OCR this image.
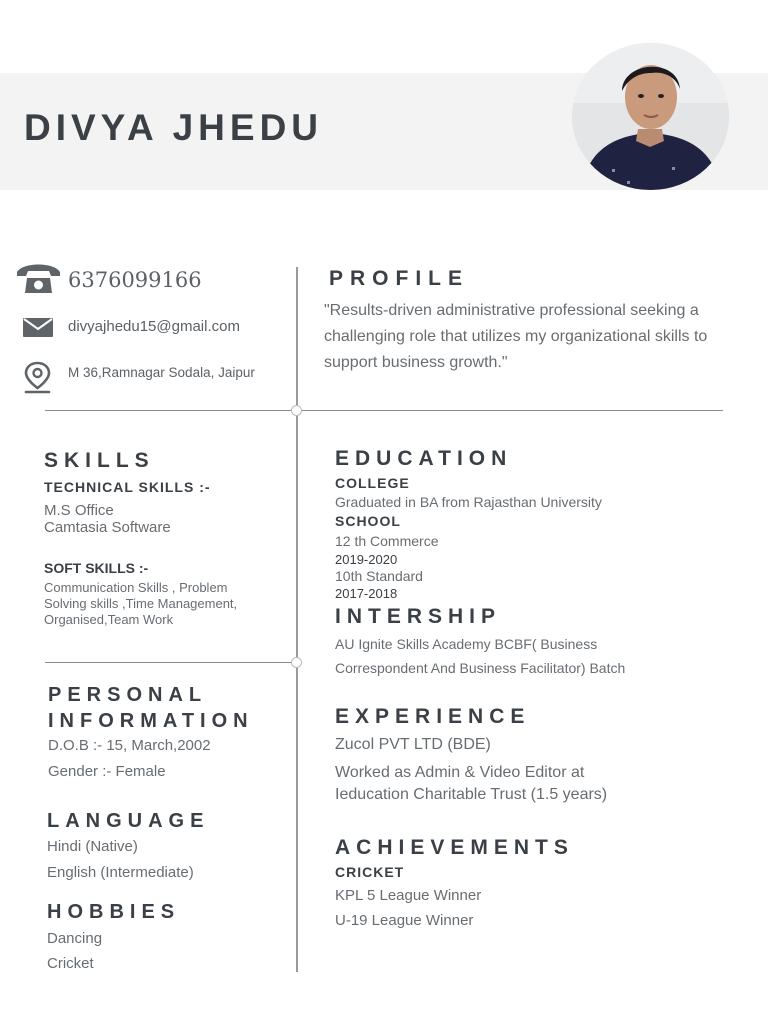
DIVYA JHEDU
6376099166
divyajhedu15@gmail.com
M 36,Ramnagar Sodala, Jaipur
PROFILE

"Results-driven administrative professional seeking a
challenging role that utilizes my organizational skills to
support business growth."

SKILLS
TECHNICAL SKILLS :-
M.S Office
Camtasia Software
SOFT SKILLS :-

Communication Skills , Problem
Solving skills ,Time Management,
Organised,Team Work

EDUCATION
COLLEGE
Graduated in BA from Rajasthan University
SCHOOL
12 th Commerce
2019-2020
10th Standard
2017-2018
INTERSHIP
AU Ignite Skills Academy BCBF( Business
Correspondent And Business Facilitator) Batch
PERSONAL
INFORMATION
D.O.B :- 15, March,2002
Gender :- Female
EXPERIENCE
Zucol PVT LTD (BDE)
Worked as Admin & Video Editor at
Ieducation Charitable Trust (1.5 years)
LANGUAGE
Hindi (Native)
English (Intermediate)
ACHIEVEMENTS
CRICKET
KPL 5 League Winner
U-19 League Winner
HOBBIES
Dancing
Cricket
